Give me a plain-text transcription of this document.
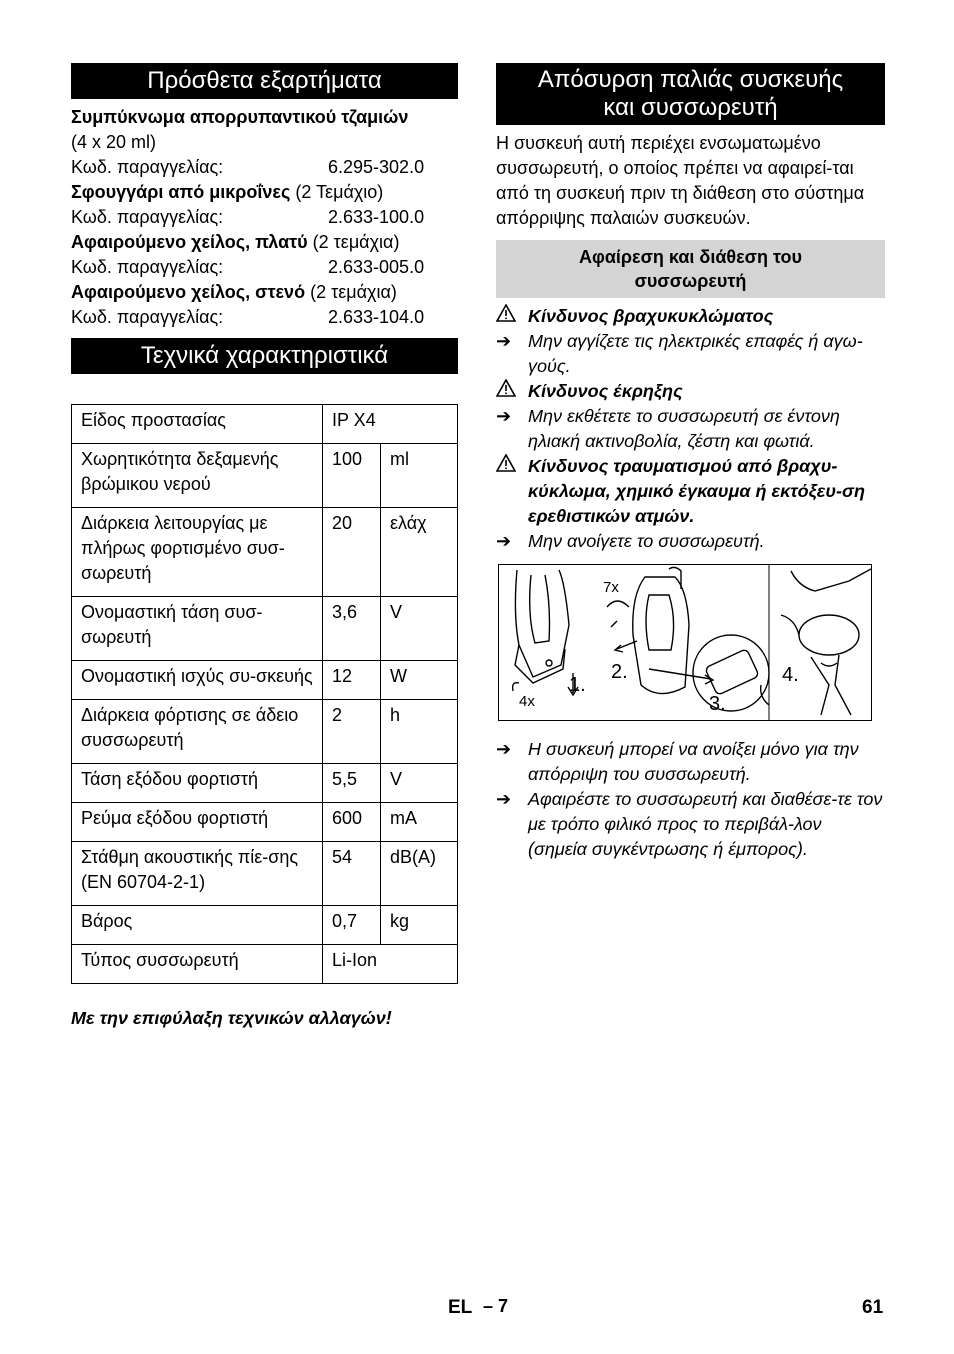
Πρόσθετα εξαρτήματα
Συμπύκνωμα απορρυπαντικού τζαμιών
(4 x 20 ml)
Κωδ. παραγγελίας:	6.295-302.0
Σφουγγάρι από μικροΐνες (2 Τεμάχιο)
Κωδ. παραγγελίας:	2.633-100.0
Αφαιρούμενο χείλος, πλατύ (2 τεμάχια)
Κωδ. παραγγελίας:	2.633-005.0
Αφαιρούμενο χείλος, στενό (2 τεμάχια)
Κωδ. παραγγελίας:	2.633-104.0
Τεχνικά χαρακτηριστικά
Είδος προστασίας	IP X4	
Χωρητικότητα δεξαμενής βρώμικου νερού	100	ml
Διάρκεια λειτουργίας με πλήρως φορτισμένο συσ-σωρευτή	20	ελάχ
Ονομαστική τάση συσ-σωρευτή	3,6	V
Ονομαστική ισχύς συ-σκευής	12	W
Διάρκεια φόρτισης σε άδειο συσσωρευτή	2	h
Τάση εξόδου φορτιστή	5,5	V
Ρεύμα εξόδου φορτιστή	600	mA
Στάθμη ακουστικής πίε-σης (EN 60704-2-1)	54	dB(A)
Βάρος	0,7	kg
Τύπος συσσωρευτή	Li-Ion	
Με την επιφύλαξη τεχνικών αλλαγών!
Απόσυρση παλιάς συσκευής
και συσσωρευτή
Η συσκευή αυτή περιέχει ενσωματωμένο συσσωρευτή, ο οποίος πρέπει να αφαιρεί-ται από τη συσκευή πριν τη διάθεση στο σύστημα απόρριψης παλαιών συσκευών.
Αφαίρεση και διάθεση του
συσσωρευτή
Κίνδυνος βραχυκυκλώματος
➔ Μην αγγίζετε τις ηλεκτρικές επαφές ή αγω-γούς.
Κίνδυνος έκρηξης
➔ Μην εκθέτετε το συσσωρευτή σε έντονη ηλιακή ακτινοβολία, ζέστη και φωτιά.
Κίνδυνος τραυματισμού από βραχυ-κύκλωμα, χημικό έγκαυμα ή εκτόξευ-ση ερεθιστικών ατμών.
➔ Μην ανοίγετε το συσσωρευτή.
7x
4x
1.
2.
3.
4.
➔ Η συσκευή μπορεί να ανοίξει μόνο για την απόρριψη του συσσωρευτή.
➔ Αφαιρέστε το συσσωρευτή και διαθέσε-τε τον με τρόπο φιλικό προς το περιβάλ-λον (σημεία συγκέντρωσης ή έμπορος).
EL – 7	61
